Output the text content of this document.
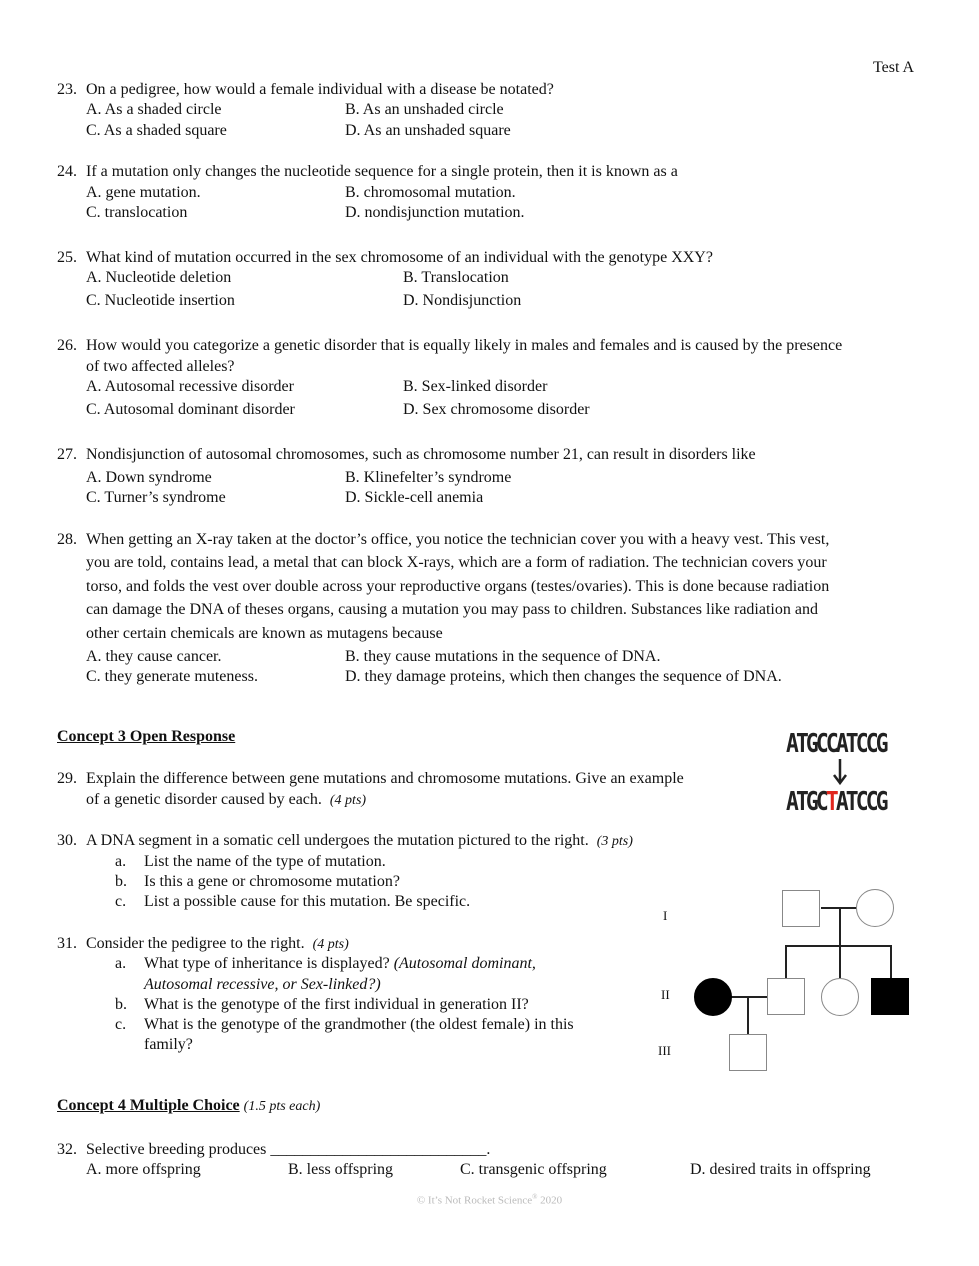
Test A
23. On a pedigree, how would a female individual with a disease be notated?
A. As a shaded circle	B. As an unshaded circle
C. As a shaded square	D. As an unshaded square
24. If a mutation only changes the nucleotide sequence for a single protein, then it is known as a
A. gene mutation.	B. chromosomal mutation.
C. translocation	D. nondisjunction mutation.
25. What kind of mutation occurred in the sex chromosome of an individual with the genotype XXY?
A. Nucleotide deletion	B. Translocation
C. Nucleotide insertion	D. Nondisjunction
26. How would you categorize a genetic disorder that is equally likely in males and females and is caused by the presence
of two affected alleles?
A. Autosomal recessive disorder	B. Sex-linked disorder
C. Autosomal dominant disorder	D. Sex chromosome disorder
27. Nondisjunction of autosomal chromosomes, such as chromosome number 21, can result in disorders like
A. Down syndrome	B. Klinefelter’s syndrome
C. Turner’s syndrome	D. Sickle-cell anemia
28. When getting an X-ray taken at the doctor’s office, you notice the technician cover you with a heavy vest. This vest,
you are told, contains lead, a metal that can block X-rays, which are a form of radiation. The technician covers your
torso, and folds the vest over double across your reproductive organs (testes/ovaries). This is done because radiation
can damage the DNA of theses organs, causing a mutation you may pass to children. Substances like radiation and
other certain chemicals are known as mutagens because
A. they cause cancer.	B. they cause mutations in the sequence of DNA.
C. they generate muteness.	D. they damage proteins, which then changes the sequence of DNA.
Concept 3 Open Response
29. Explain the difference between gene mutations and chromosome mutations. Give an example
of a genetic disorder caused by each. (4 pts)
30. A DNA segment in a somatic cell undergoes the mutation pictured to the right. (3 pts)
a. List the name of the type of mutation.
b. Is this a gene or chromosome mutation?
c. List a possible cause for this mutation. Be specific.
31. Consider the pedigree to the right. (4 pts)
a. What type of inheritance is displayed? (Autosomal dominant,
Autosomal recessive, or Sex-linked?)
b. What is the genotype of the first individual in generation II?
c. What is the genotype of the grandmother (the oldest female) in this
family?
ATGCCATCCG
ATGCTATCCG
I
II
III
Concept 4 Multiple Choice (1.5 pts each)
32. Selective breeding produces ___________________________.
A. more offspring	B. less offspring	C. transgenic offspring	D. desired traits in offspring
© It’s Not Rocket Science® 2020
